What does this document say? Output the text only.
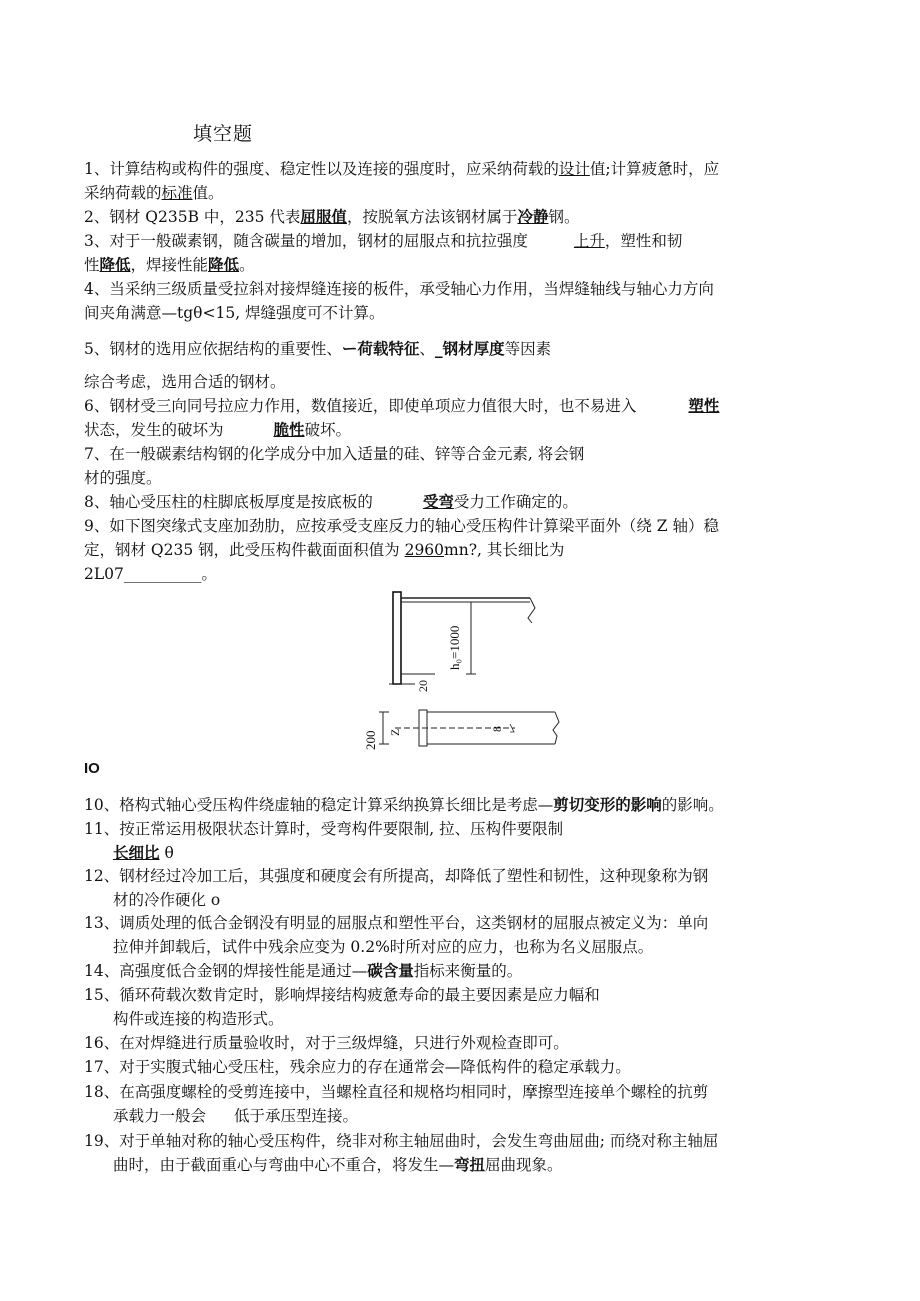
填空题
1、计算结构或构件的强度、稳定性以及连接的强度时，应采纳荷载的设计值;计算疲惫时，应
采纳荷载的标准值。
2、钢材 Q235B 中，235 代表屈服值，按脱氧方法该钢材属于冷静钢。
3、对于一般碳素钢，随含碳量的增加，钢材的屈服点和抗拉强度	上升，塑性和韧
性降低，焊接性能降低。
4、当采纳三级质量受拉斜对接焊缝连接的板件，承受轴心力作用，当焊缝轴线与轴心力方向
间夹角满意—tgθ<15, 焊缝强度可不计算。
5、钢材的选用应依据结构的重要性、ー荷载特征、_钢材厚度等因素
综合考虑，选用合适的钢材。
6、钢材受三向同号拉应力作用，数值接近，即使单项应力值很大时，也不易进入	塑性
状态，发生的破坏为	脆性破坏。
7、在一般碳素结构钢的化学成分中加入适量的硅、锌等合金元素, 将会钢
材的强度。
8、轴心受压柱的柱脚底板厚度是按底板的	受弯受力工作确定的。
9、如下图突缘式支座加劲肋，应按承受支座反力的轴心受压构件计算梁平面外（绕 Z 轴）稳
定，钢材 Q235 钢，此受压构件截面面积值为 2960mn?, 其长细比为
2L07__________。
h₀=1000
20
200 Z	8
IO
10、格构式轴心受压构件绕虚轴的稳定计算采纳换算长细比是考虑—剪切变形的影响的影响。
11、按正常运用极限状态计算时，受弯构件要限制, 拉、压构件要限制
长细比 θ
12、钢材经过冷加工后，其强度和硬度会有所提高，却降低了塑性和韧性，这种现象称为钢
材的冷作硬化 o
13、调质处理的低合金钢没有明显的屈服点和塑性平台，这类钢材的屈服点被定义为：单向
拉伸并卸载后，试件中残余应变为 0.2%时所对应的应力，也称为名义屈服点。
14、高强度低合金钢的焊接性能是通过—碳含量指标来衡量的。
15、循环荷载次数肯定时，影响焊接结构疲惫寿命的最主要因素是应力幅和
构件或连接的构造形式。
16、在对焊缝进行质量验收时，对于三级焊缝，只进行外观检查即可。
17、对于实腹式轴心受压柱，残余应力的存在通常会—降低构件的稳定承载力。
18、在高强度螺栓的受剪连接中，当螺栓直径和规格均相同时，摩擦型连接单个螺栓的抗剪
承载力一般会 低于承压型连接。
19、对于单轴对称的轴心受压构件，绕非对称主轴屈曲时，会发生弯曲屈曲; 而绕对称主轴屈
曲时，由于截面重心与弯曲中心不重合，将发生—弯扭屈曲现象。
